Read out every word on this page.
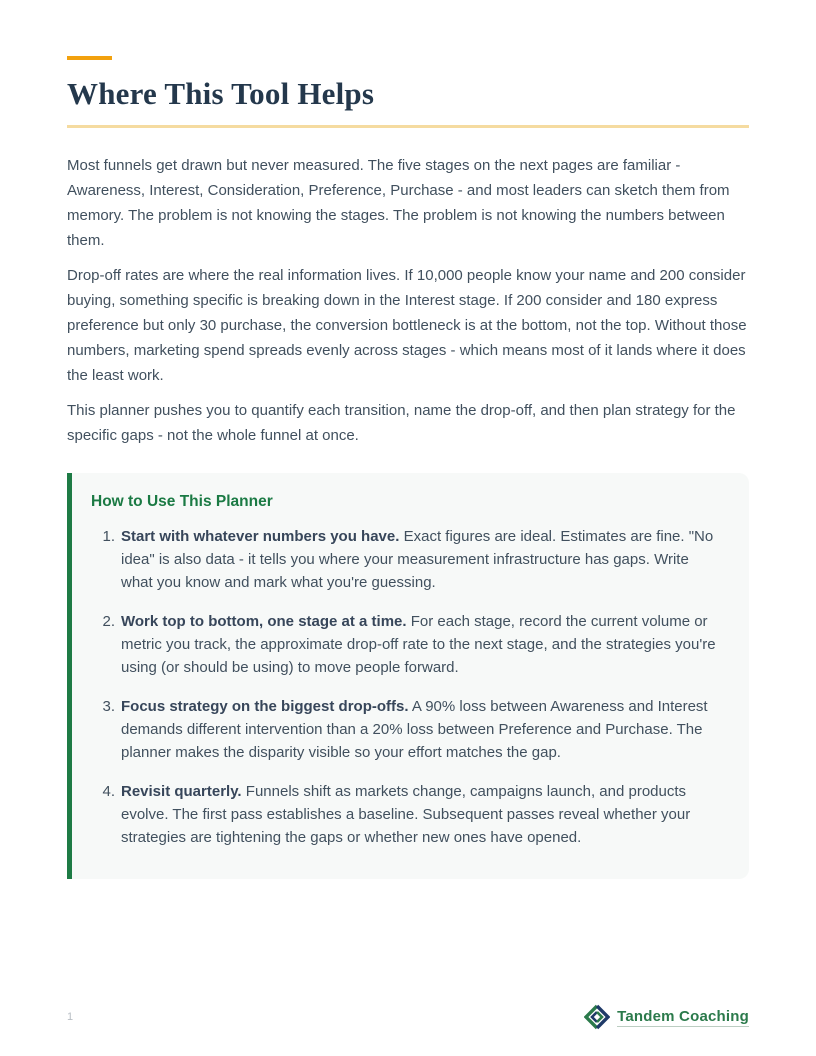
Where This Tool Helps

Most funnels get drawn but never measured. The five stages on the next pages are familiar - Awareness, Interest, Consideration, Preference, Purchase - and most leaders can sketch them from memory. The problem is not knowing the stages. The problem is not knowing the numbers between them.

Drop-off rates are where the real information lives. If 10,000 people know your name and 200 consider buying, something specific is breaking down in the Interest stage. If 200 consider and 180 express preference but only 30 purchase, the conversion bottleneck is at the bottom, not the top. Without those numbers, marketing spend spreads evenly across stages - which means most of it lands where it does the least work.

This planner pushes you to quantify each transition, name the drop-off, and then plan strategy for the specific gaps - not the whole funnel at once.

How to Use This Planner
1. Start with whatever numbers you have. Exact figures are ideal. Estimates are fine. "No idea" is also data - it tells you where your measurement infrastructure has gaps. Write what you know and mark what you're guessing.
2. Work top to bottom, one stage at a time. For each stage, record the current volume or metric you track, the approximate drop-off rate to the next stage, and the strategies you're using (or should be using) to move people forward.
3. Focus strategy on the biggest drop-offs. A 90% loss between Awareness and Interest demands different intervention than a 20% loss between Preference and Purchase. The planner makes the disparity visible so your effort matches the gap.
4. Revisit quarterly. Funnels shift as markets change, campaigns launch, and products evolve. The first pass establishes a baseline. Subsequent passes reveal whether your strategies are tightening the gaps or whether new ones have opened.
1	Tandem Coaching
